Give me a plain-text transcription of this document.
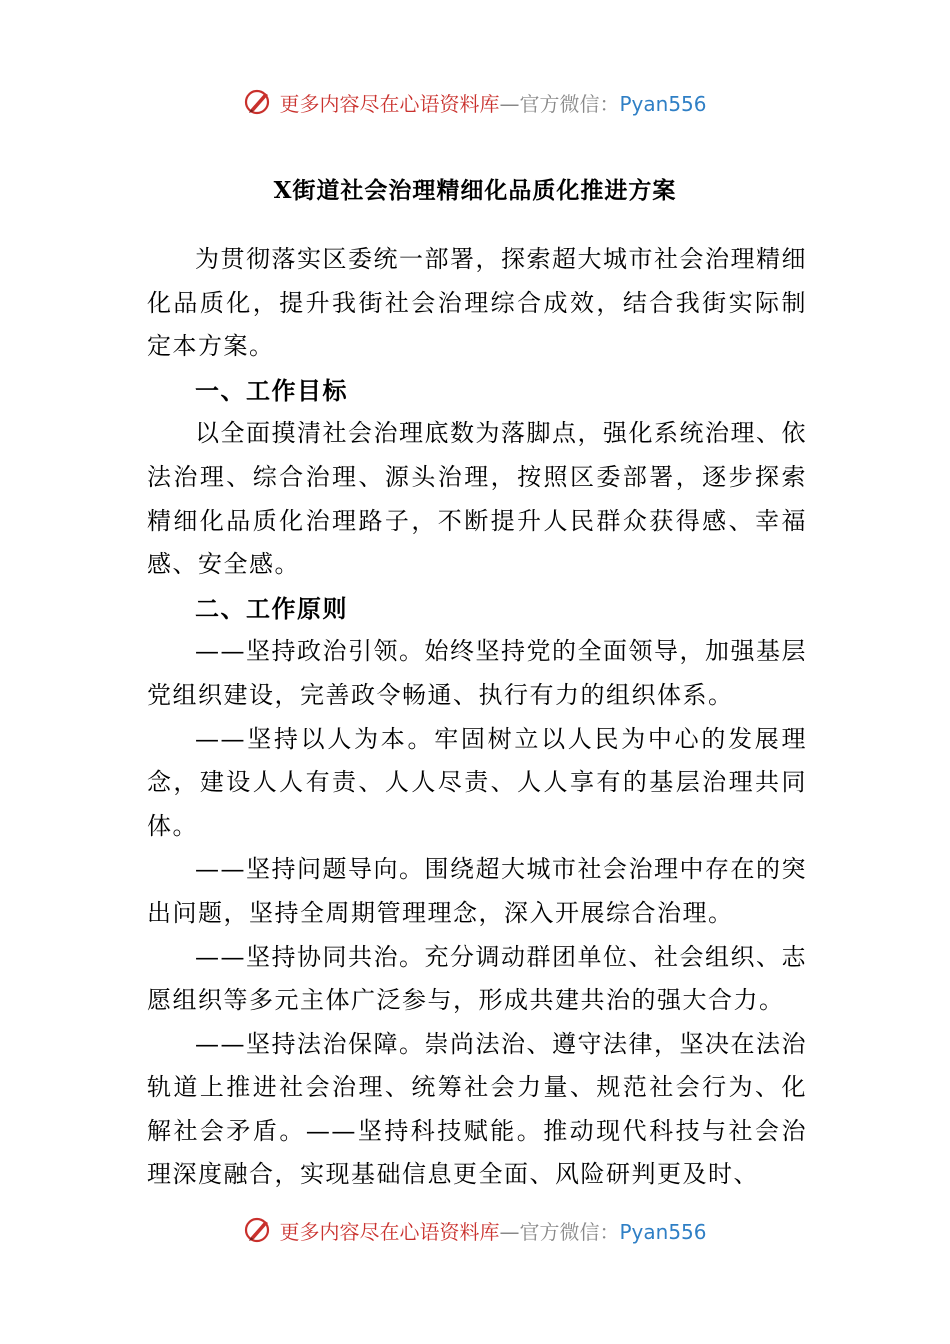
更多内容尽在心语资料库—官方微信：Pyan556
X街道社会治理精细化品质化推进方案

为贯彻落实区委统一部署，探索超大城市社会治理精细化品质化，提升我街社会治理综合成效，结合我街实际制定本方案。

一、工作目标

以全面摸清社会治理底数为落脚点，强化系统治理、依法治理、综合治理、源头治理，按照区委部署，逐步探索精细化品质化治理路子，不断提升人民群众获得感、幸福感、安全感。

二、工作原则

——坚持政治引领。始终坚持党的全面领导，加强基层党组织建设，完善政令畅通、执行有力的组织体系。

——坚持以人为本。牢固树立以人民为中心的发展理念，建设人人有责、人人尽责、人人享有的基层治理共同体。

——坚持问题导向。围绕超大城市社会治理中存在的突出问题，坚持全周期管理理念，深入开展综合治理。

——坚持协同共治。充分调动群团单位、社会组织、志愿组织等多元主体广泛参与，形成共建共治的强大合力。

——坚持法治保障。崇尚法治、遵守法律，坚决在法治轨道上推进社会治理、统筹社会力量、规范社会行为、化解社会矛盾。——坚持科技赋能。推动现代科技与社会治理深度融合，实现基础信息更全面、风险研判更及时、

更多内容尽在心语资料库—官方微信：Pyan556
